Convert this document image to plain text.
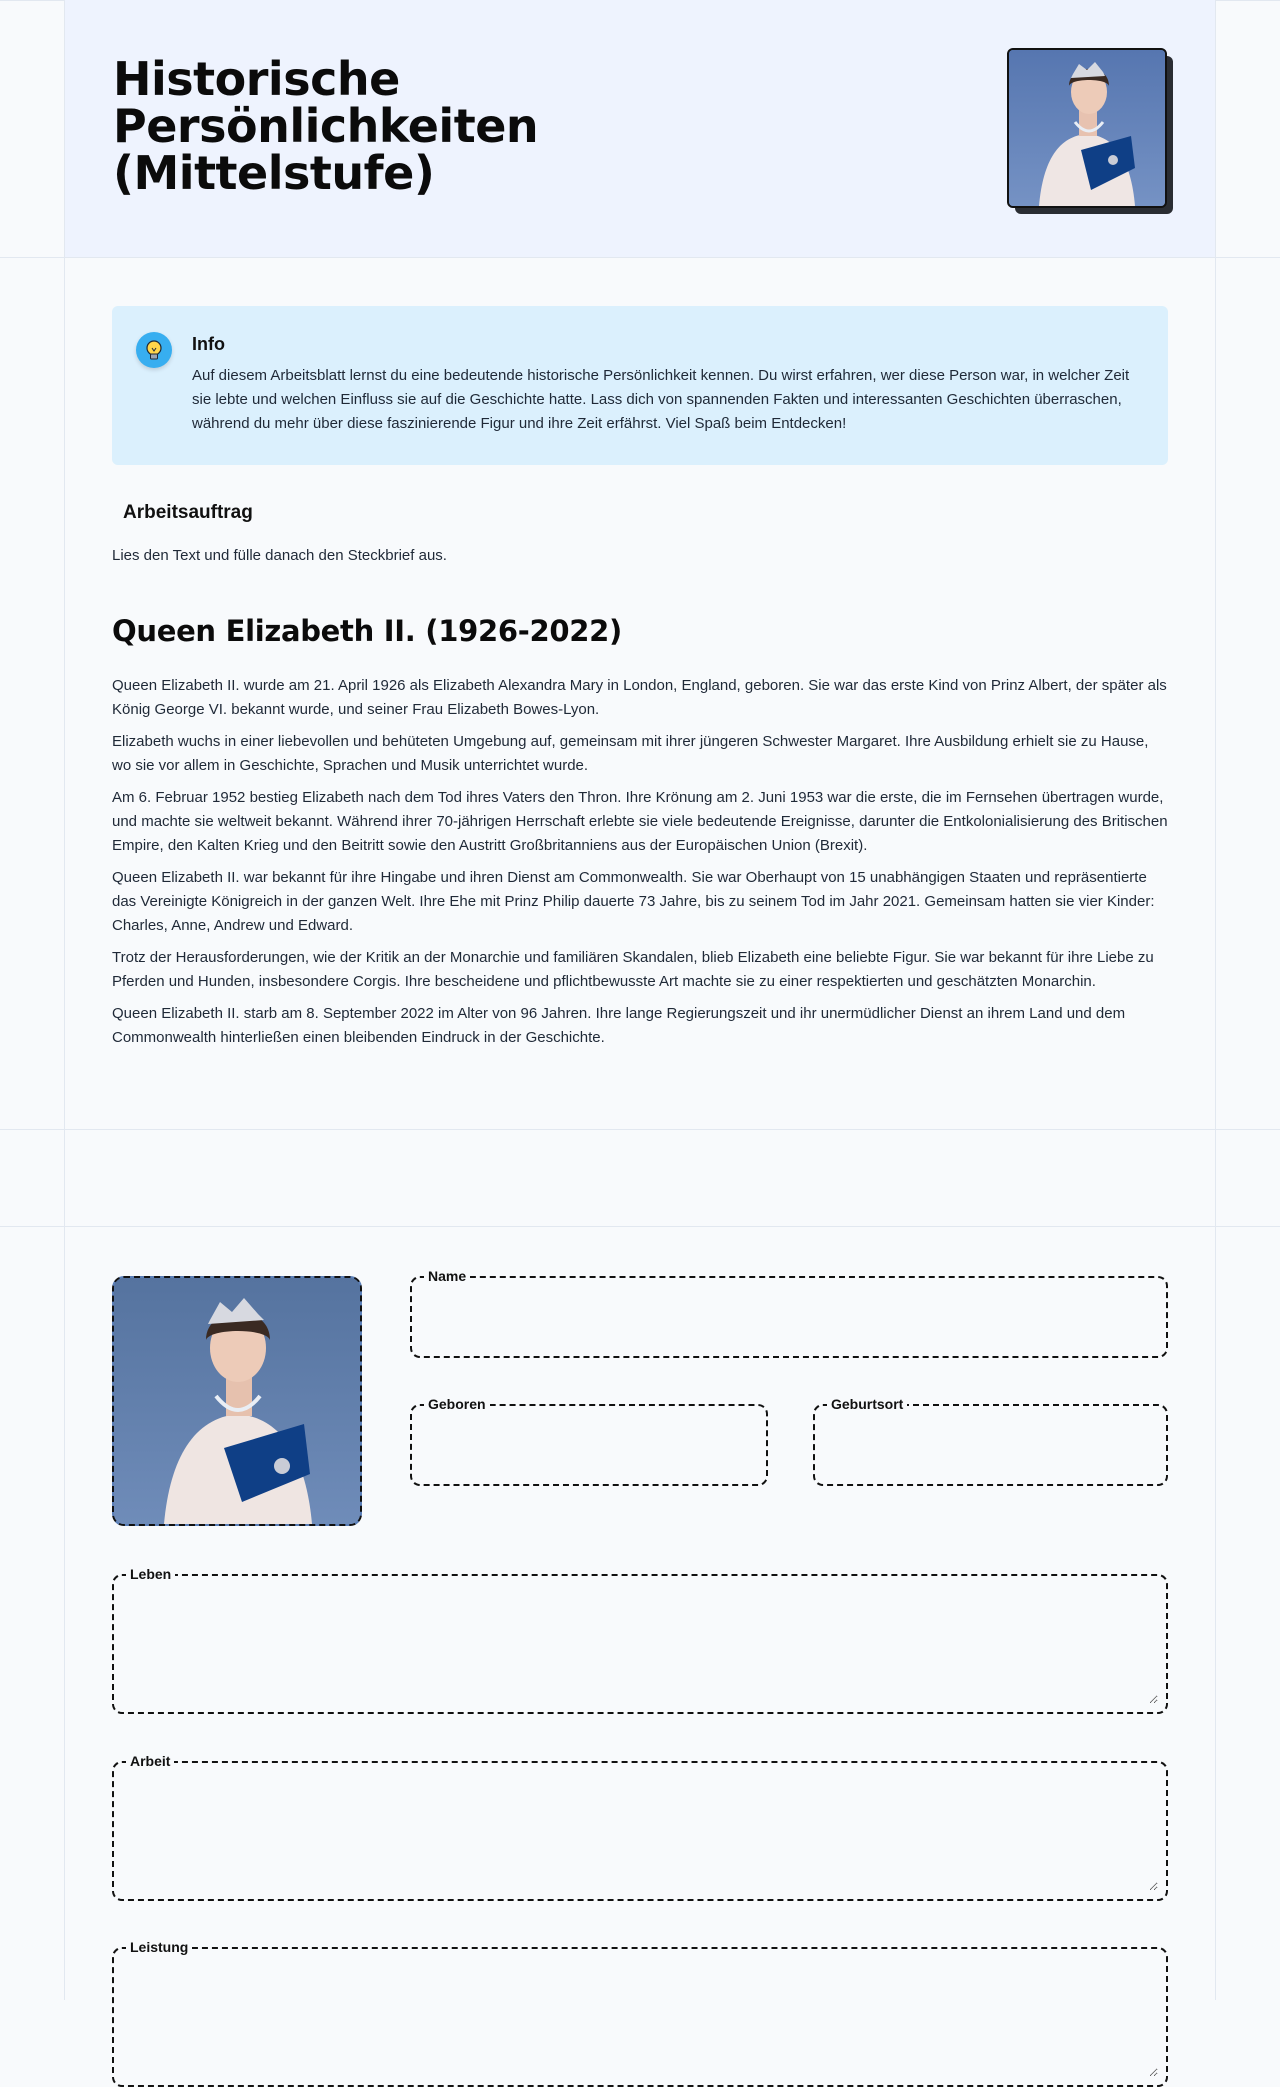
Historische Persönlichkeiten (Mittelstufe)
Info
Auf diesem Arbeitsblatt lernst du eine bedeutende historische Persönlichkeit kennen. Du wirst erfahren, wer diese Person war, in welcher Zeit sie lebte und welchen Einfluss sie auf die Geschichte hatte. Lass dich von spannenden Fakten und interessanten Geschichten überraschen, während du mehr über diese faszinierende Figur und ihre Zeit erfährst. Viel Spaß beim Entdecken!
Arbeitsauftrag
Lies den Text und fülle danach den Steckbrief aus.
Queen Elizabeth II. (1926-2022)

Queen Elizabeth II. wurde am 21. April 1926 als Elizabeth Alexandra Mary in London, England, geboren. Sie war das erste Kind von Prinz Albert, der später als König George VI. bekannt wurde, und seiner Frau Elizabeth Bowes-Lyon.

Elizabeth wuchs in einer liebevollen und behüteten Umgebung auf, gemeinsam mit ihrer jüngeren Schwester Margaret. Ihre Ausbildung erhielt sie zu Hause, wo sie vor allem in Geschichte, Sprachen und Musik unterrichtet wurde.

Am 6. Februar 1952 bestieg Elizabeth nach dem Tod ihres Vaters den Thron. Ihre Krönung am 2. Juni 1953 war die erste, die im Fernsehen übertragen wurde, und machte sie weltweit bekannt. Während ihrer 70-jährigen Herrschaft erlebte sie viele bedeutende Ereignisse, darunter die Entkolonialisierung des Britischen Empire, den Kalten Krieg und den Beitritt sowie den Austritt Großbritanniens aus der Europäischen Union (Brexit).

Queen Elizabeth II. war bekannt für ihre Hingabe und ihren Dienst am Commonwealth. Sie war Oberhaupt von 15 unabhängigen Staaten und repräsentierte das Vereinigte Königreich in der ganzen Welt. Ihre Ehe mit Prinz Philip dauerte 73 Jahre, bis zu seinem Tod im Jahr 2021. Gemeinsam hatten sie vier Kinder: Charles, Anne, Andrew und Edward.

Trotz der Herausforderungen, wie der Kritik an der Monarchie und familiären Skandalen, blieb Elizabeth eine beliebte Figur. Sie war bekannt für ihre Liebe zu Pferden und Hunden, insbesondere Corgis. Ihre bescheidene und pflichtbewusste Art machte sie zu einer respektierten und geschätzten Monarchin.

Queen Elizabeth II. starb am 8. September 2022 im Alter von 96 Jahren. Ihre lange Regierungszeit und ihr unermüdlicher Dienst an ihrem Land und dem Commonwealth hinterließen einen bleibenden Eindruck in der Geschichte.

Name
Geboren	Geburtsort
Leben
Arbeit
Leistung
